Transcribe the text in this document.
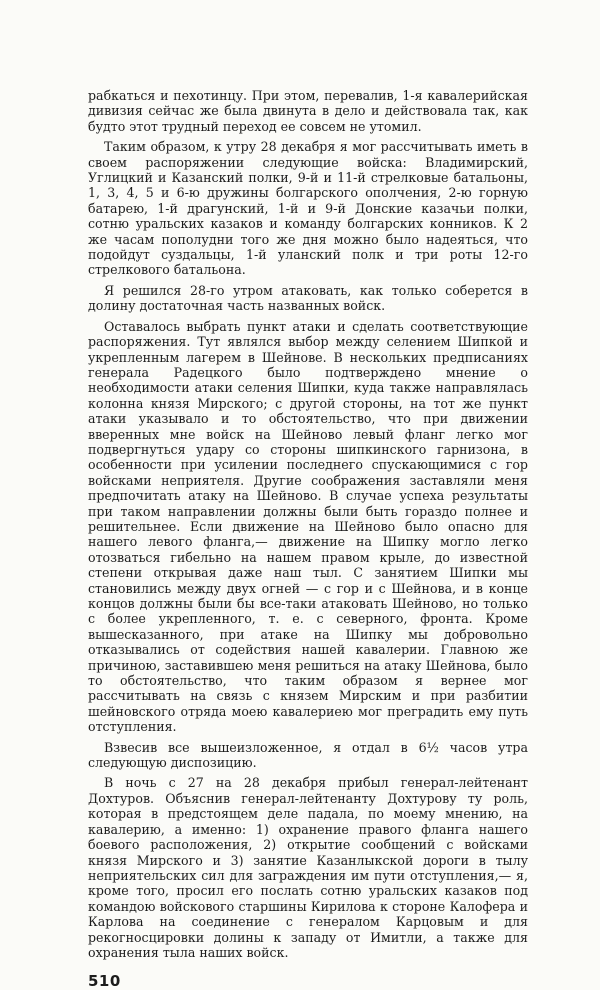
рабкаться и пехотинцу. При этом, перевалив, 1-я кавалерийская дивизия сейчас же была двинута в дело и действовала так, как будто этот трудный переход ее совсем не утомил.

Таким образом, к утру 28 декабря я мог рассчитывать иметь в своем распоряжении следующие войска: Владимирский, Углицкий и Казанский полки, 9-й и 11-й стрелковые батальоны, 1, 3, 4, 5 и 6-ю дружины болгарского ополчения, 2-ю горную батарею, 1-й драгунский, 1-й и 9-й Донские казачьи полки, сотню уральских казаков и команду болгарских конников. К 2 же часам пополудни того же дня можно было надеяться, что подойдут суздальцы, 1-й уланский полк и три роты 12-го стрелкового батальона.

Я решился 28-го утром атаковать, как только соберется в долину достаточная часть названных войск.

Оставалось выбрать пункт атаки и сделать соответствующие распоряжения. Тут являлся выбор между селением Шипкой и укрепленным лагерем в Шейнове. В нескольких предписаниях генерала Радецкого было подтверждено мнение о необходимости атаки селения Шипки, куда также направлялась колонна князя Мирского; с другой стороны, на тот же пункт атаки указывало и то обстоятельство, что при движении вверенных мне войск на Шейново левый фланг легко мог подвергнуться удару со стороны шипкинского гарнизона, в особенности при усилении последнего спускающимися с гор войсками неприятеля. Другие соображения заставляли меня предпочитать атаку на Шейново. В случае успеха результаты при таком направлении должны были быть гораздо полнее и решительнее. Если движение на Шейново было опасно для нашего левого фланга,— движение на Шипку могло легко отозваться гибельно на нашем правом крыле, до известной степени открывая даже наш тыл. С занятием Шипки мы становились между двух огней — с гор и с Шейнова, и в конце концов должны были бы все-таки атаковать Шейново, но только с более укрепленного, т. е. с северного, фронта. Кроме вышесказанного, при атаке на Шипку мы добровольно отказывались от содействия нашей кавалерии. Главною же причиною, заставившею меня решиться на атаку Шейнова, было то обстоятельство, что таким образом я вернее мог рассчитывать на связь с князем Мирским и при разбитии шейновского отряда моею кавалериею мог преградить ему путь отступления.

Взвесив все вышеизложенное, я отдал в 6½ часов утра следующую диспозицию.

В ночь с 27 на 28 декабря прибыл генерал-лейтенант Дохтуров. Объяснив генерал-лейтенанту Дохтурову ту роль, которая в предстоящем деле падала, по моему мнению, на кавалерию, а именно: 1) охранение правого фланга нашего боевого расположения, 2) открытие сообщений с войсками князя Мирского и 3) занятие Казанлыкской дороги в тылу неприятельских сил для заграждения им пути отступления,— я, кроме того, просил его послать сотню уральских казаков под командою войскового старшины Кирилова к стороне Калофера и Карлова на соединение с генералом Карцовым и для рекогносцировки долины к западу от Имитли, а также для охранения тыла наших войск.

510
